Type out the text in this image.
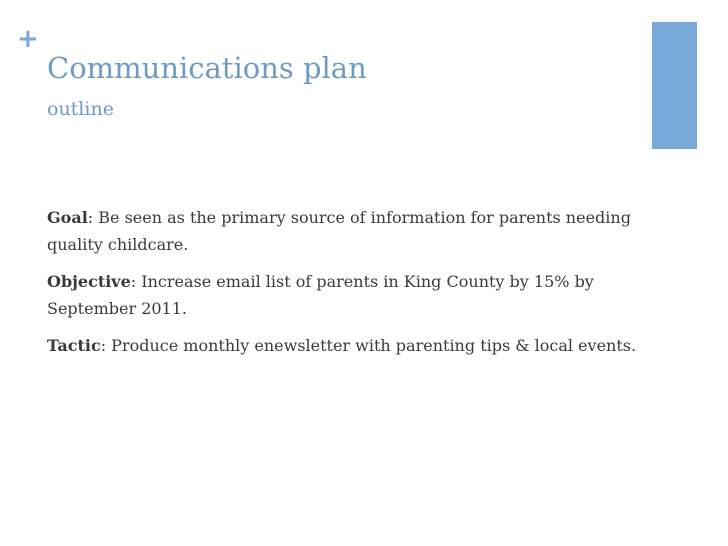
+
Communications plan
outline

Goal: Be seen as the primary source of information for parents needing quality childcare.

Objective: Increase email list of parents in King County by 15% by September 2011.

Tactic: Produce monthly enewsletter with parenting tips & local events.
